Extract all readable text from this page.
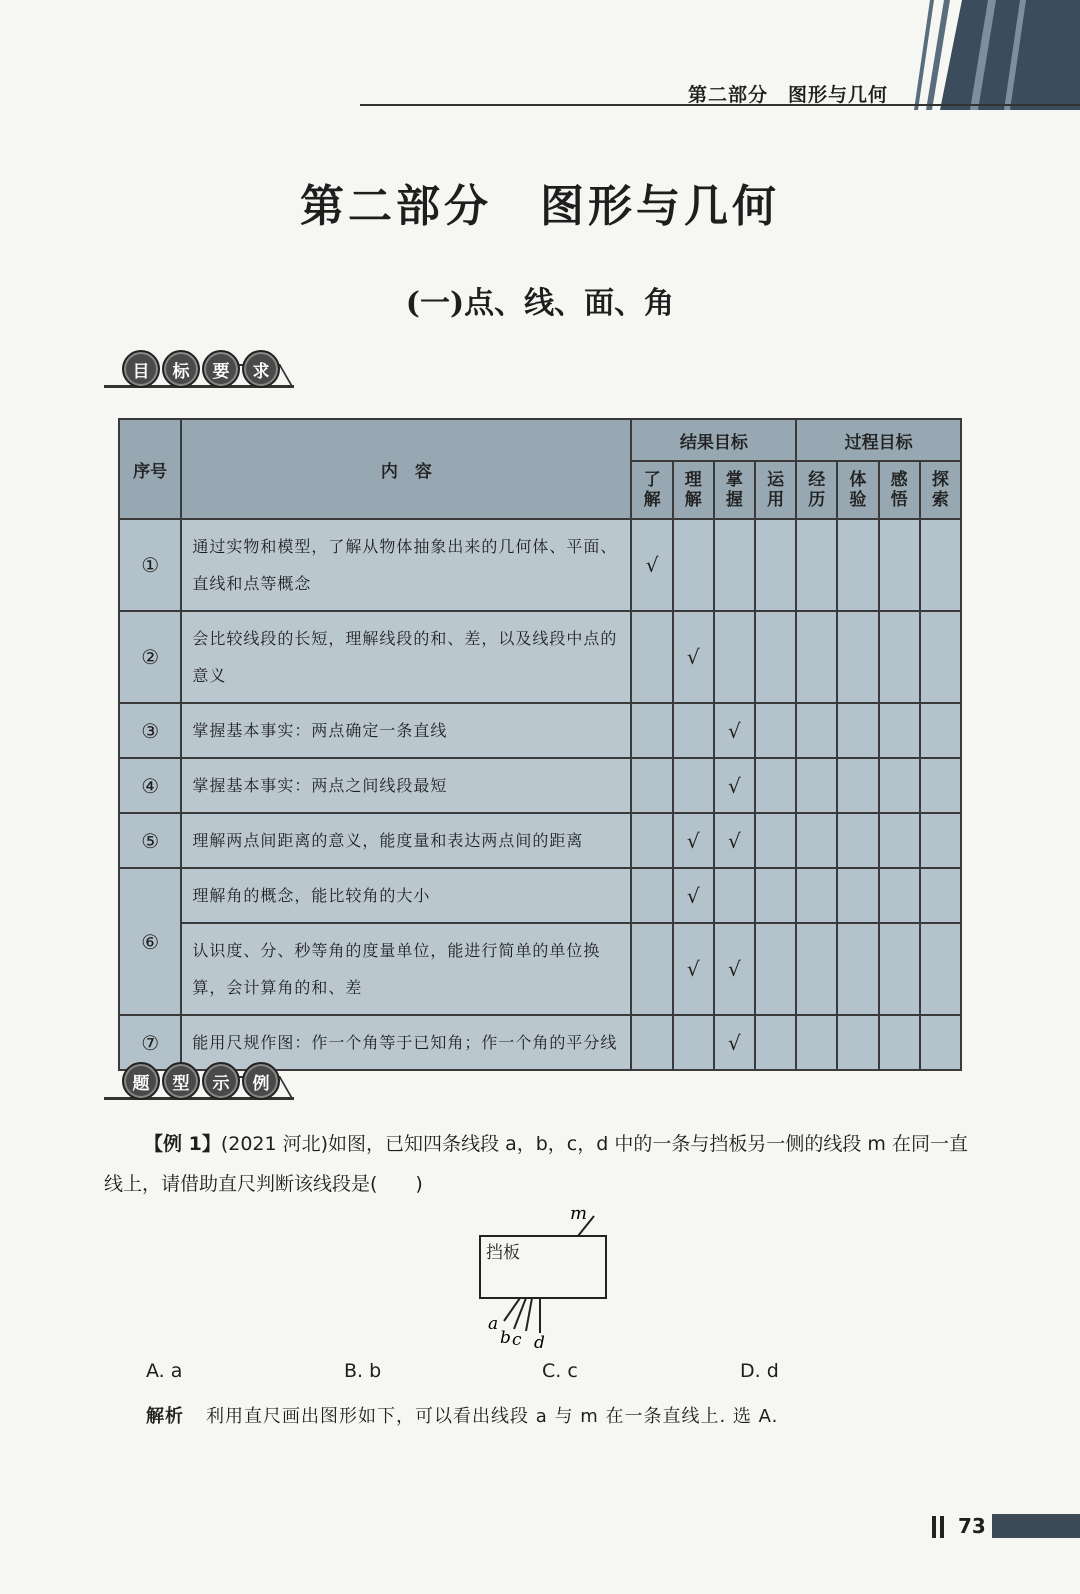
第二部分　图形与几何
第二部分　图形与几何
(一)点、线、面、角
目	标	要	求
序号	内　容	结果目标				过程目标			
		了解	理解	掌握	运用	经历	体验	感悟	探索
①	通过实物和模型，了解从物体抽象出来的几何体、平面、直线和点等概念	√							
②	会比较线段的长短，理解线段的和、差，以及线段中点的意义		√						
③	掌握基本事实：两点确定一条直线			√					
④	掌握基本事实：两点之间线段最短			√					
⑤	理解两点间距离的意义，能度量和表达两点间的距离		√	√					
⑥	理解角的概念，能比较角的大小		√						
	认识度、分、秒等角的度量单位，能进行简单的单位换算，会计算角的和、差		√	√					
⑦	能用尺规作图：作一个角等于已知角；作一个角的平分线			√					
题	型	示	例
【例 1】(2021 河北)如图，已知四条线段 a，b，c，d 中的一条与挡板另一侧的线段 m 在同一直线上，请借助直尺判断该线段是(　　)
m
a
b c d
挡板
A. a	B. b	C. c	D. d
解析 利用直尺画出图形如下，可以看出线段 a 与 m 在一条直线上. 选 A.
73
